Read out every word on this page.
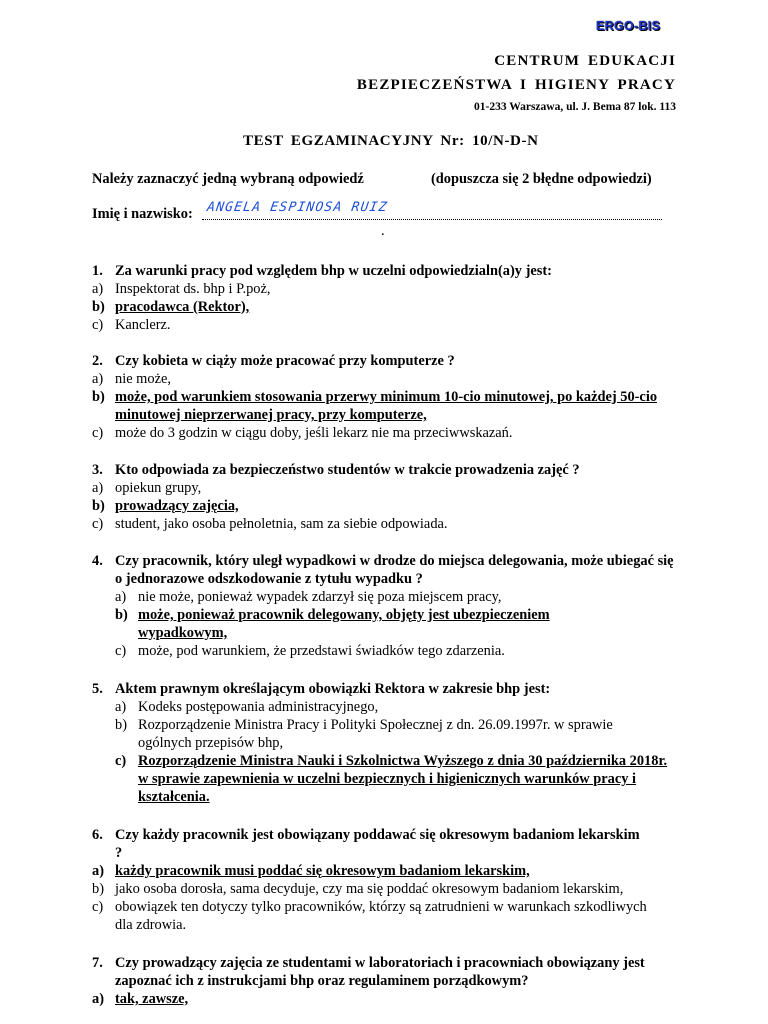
ERGO-BIS
CENTRUM EDUKACJI
BEZPIECZEŃSTWA I HIGIENY PRACY
01-233 Warszawa, ul. J. Bema 87 lok. 113
TEST EGZAMINACYJNY Nr: 10/N-D-N
Należy zaznaczyć jedną wybraną odpowiedź	(dopuszcza się 2 błędne odpowiedzi)
Imię i nazwisko: ANGELA ESPINOSA RUIZ
.
1. Za warunki pracy pod względem bhp w uczelni odpowiedzialn(a)y jest:
a) Inspektorat ds. bhp i P.poż,
b) pracodawca (Rektor),
c) Kanclerz.
2. Czy kobieta w ciąży może pracować przy komputerze ?
a) nie może,
b) może, pod warunkiem stosowania przerwy minimum 10-cio minutowej, po każdej 50-cio minutowej nieprzerwanej pracy, przy komputerze,
c) może do 3 godzin w ciągu doby, jeśli lekarz nie ma przeciwwskazań.
3. Kto odpowiada za bezpieczeństwo studentów w trakcie prowadzenia zajęć ?
a) opiekun grupy,
b) prowadzący zajęcia,
c) student, jako osoba pełnoletnia, sam za siebie odpowiada.
4. Czy pracownik, który uległ wypadkowi w drodze do miejsca delegowania, może ubiegać się o jednorazowe odszkodowanie z tytułu wypadku ?
a) nie może, ponieważ wypadek zdarzył się poza miejscem pracy,
b) może, ponieważ pracownik delegowany, objęty jest ubezpieczeniem wypadkowym,
c) może, pod warunkiem, że przedstawi świadków tego zdarzenia.
5. Aktem prawnym określającym obowiązki Rektora w zakresie bhp jest:
a) Kodeks postępowania administracyjnego,
b) Rozporządzenie Ministra Pracy i Polityki Społecznej z dn. 26.09.1997r. w sprawie ogólnych przepisów bhp,
c) Rozporządzenie Ministra Nauki i Szkolnictwa Wyższego z dnia 30 października 2018r. w sprawie zapewnienia w uczelni bezpiecznych i higienicznych warunków pracy i kształcenia.
6. Czy każdy pracownik jest obowiązany poddawać się okresowym badaniom lekarskim ?
a) każdy pracownik musi poddać się okresowym badaniom lekarskim,
b) jako osoba dorosła, sama decyduje, czy ma się poddać okresowym badaniom lekarskim,
c) obowiązek ten dotyczy tylko pracowników, którzy są zatrudnieni w warunkach szkodliwych dla zdrowia.
7. Czy prowadzący zajęcia ze studentami w laboratoriach i pracowniach obowiązany jest zapoznać ich z instrukcjami bhp oraz regulaminem porządkowym?
a) tak, zawsze,
